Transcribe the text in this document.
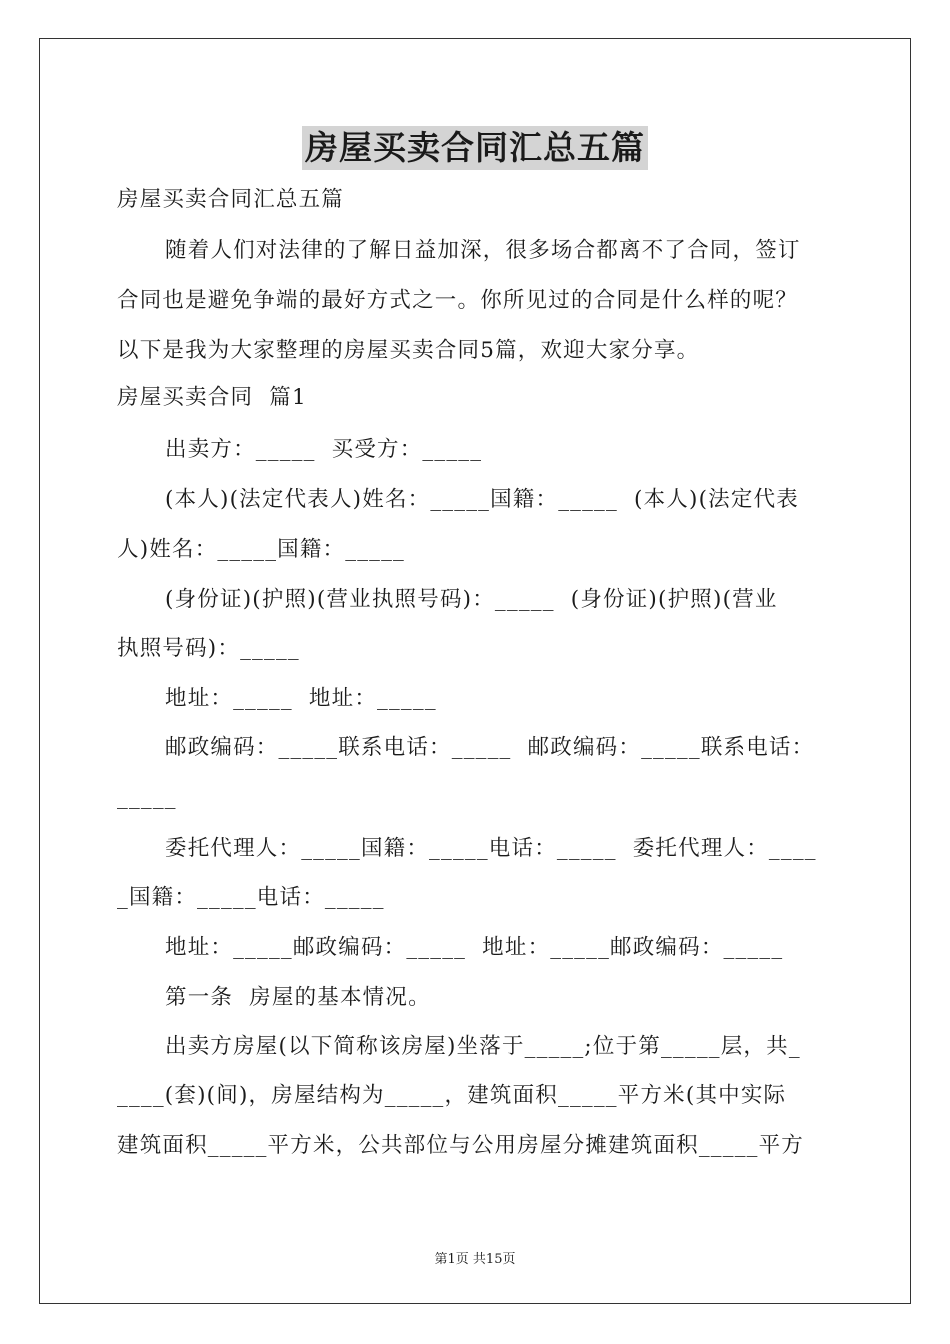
房屋买卖合同汇总五篇
房屋买卖合同汇总五篇
随着人们对法律的了解日益加深，很多场合都离不了合同，签订
合同也是避免争端的最好方式之一。你所见过的合同是什么样的呢？
以下是我为大家整理的房屋买卖合同5篇，欢迎大家分享。
房屋买卖合同  篇1
出卖方：_____  买受方：_____
(本人)(法定代表人)姓名：_____国籍：_____  (本人)(法定代表
人)姓名：_____国籍：_____
(身份证)(护照)(营业执照号码)：_____  (身份证)(护照)(营业
执照号码)：_____
地址：_____  地址：_____
邮政编码：_____联系电话：_____  邮政编码：_____联系电话：
_____
委托代理人：_____国籍：_____电话：_____  委托代理人：____
_国籍：_____电话：_____
地址：_____邮政编码：_____  地址：_____邮政编码：_____
第一条  房屋的基本情况。
出卖方房屋(以下简称该房屋)坐落于_____;位于第_____层，共_
____(套)(间)，房屋结构为_____，建筑面积_____平方米(其中实际
建筑面积_____平方米，公共部位与公用房屋分摊建筑面积_____平方
第1页 共15页
